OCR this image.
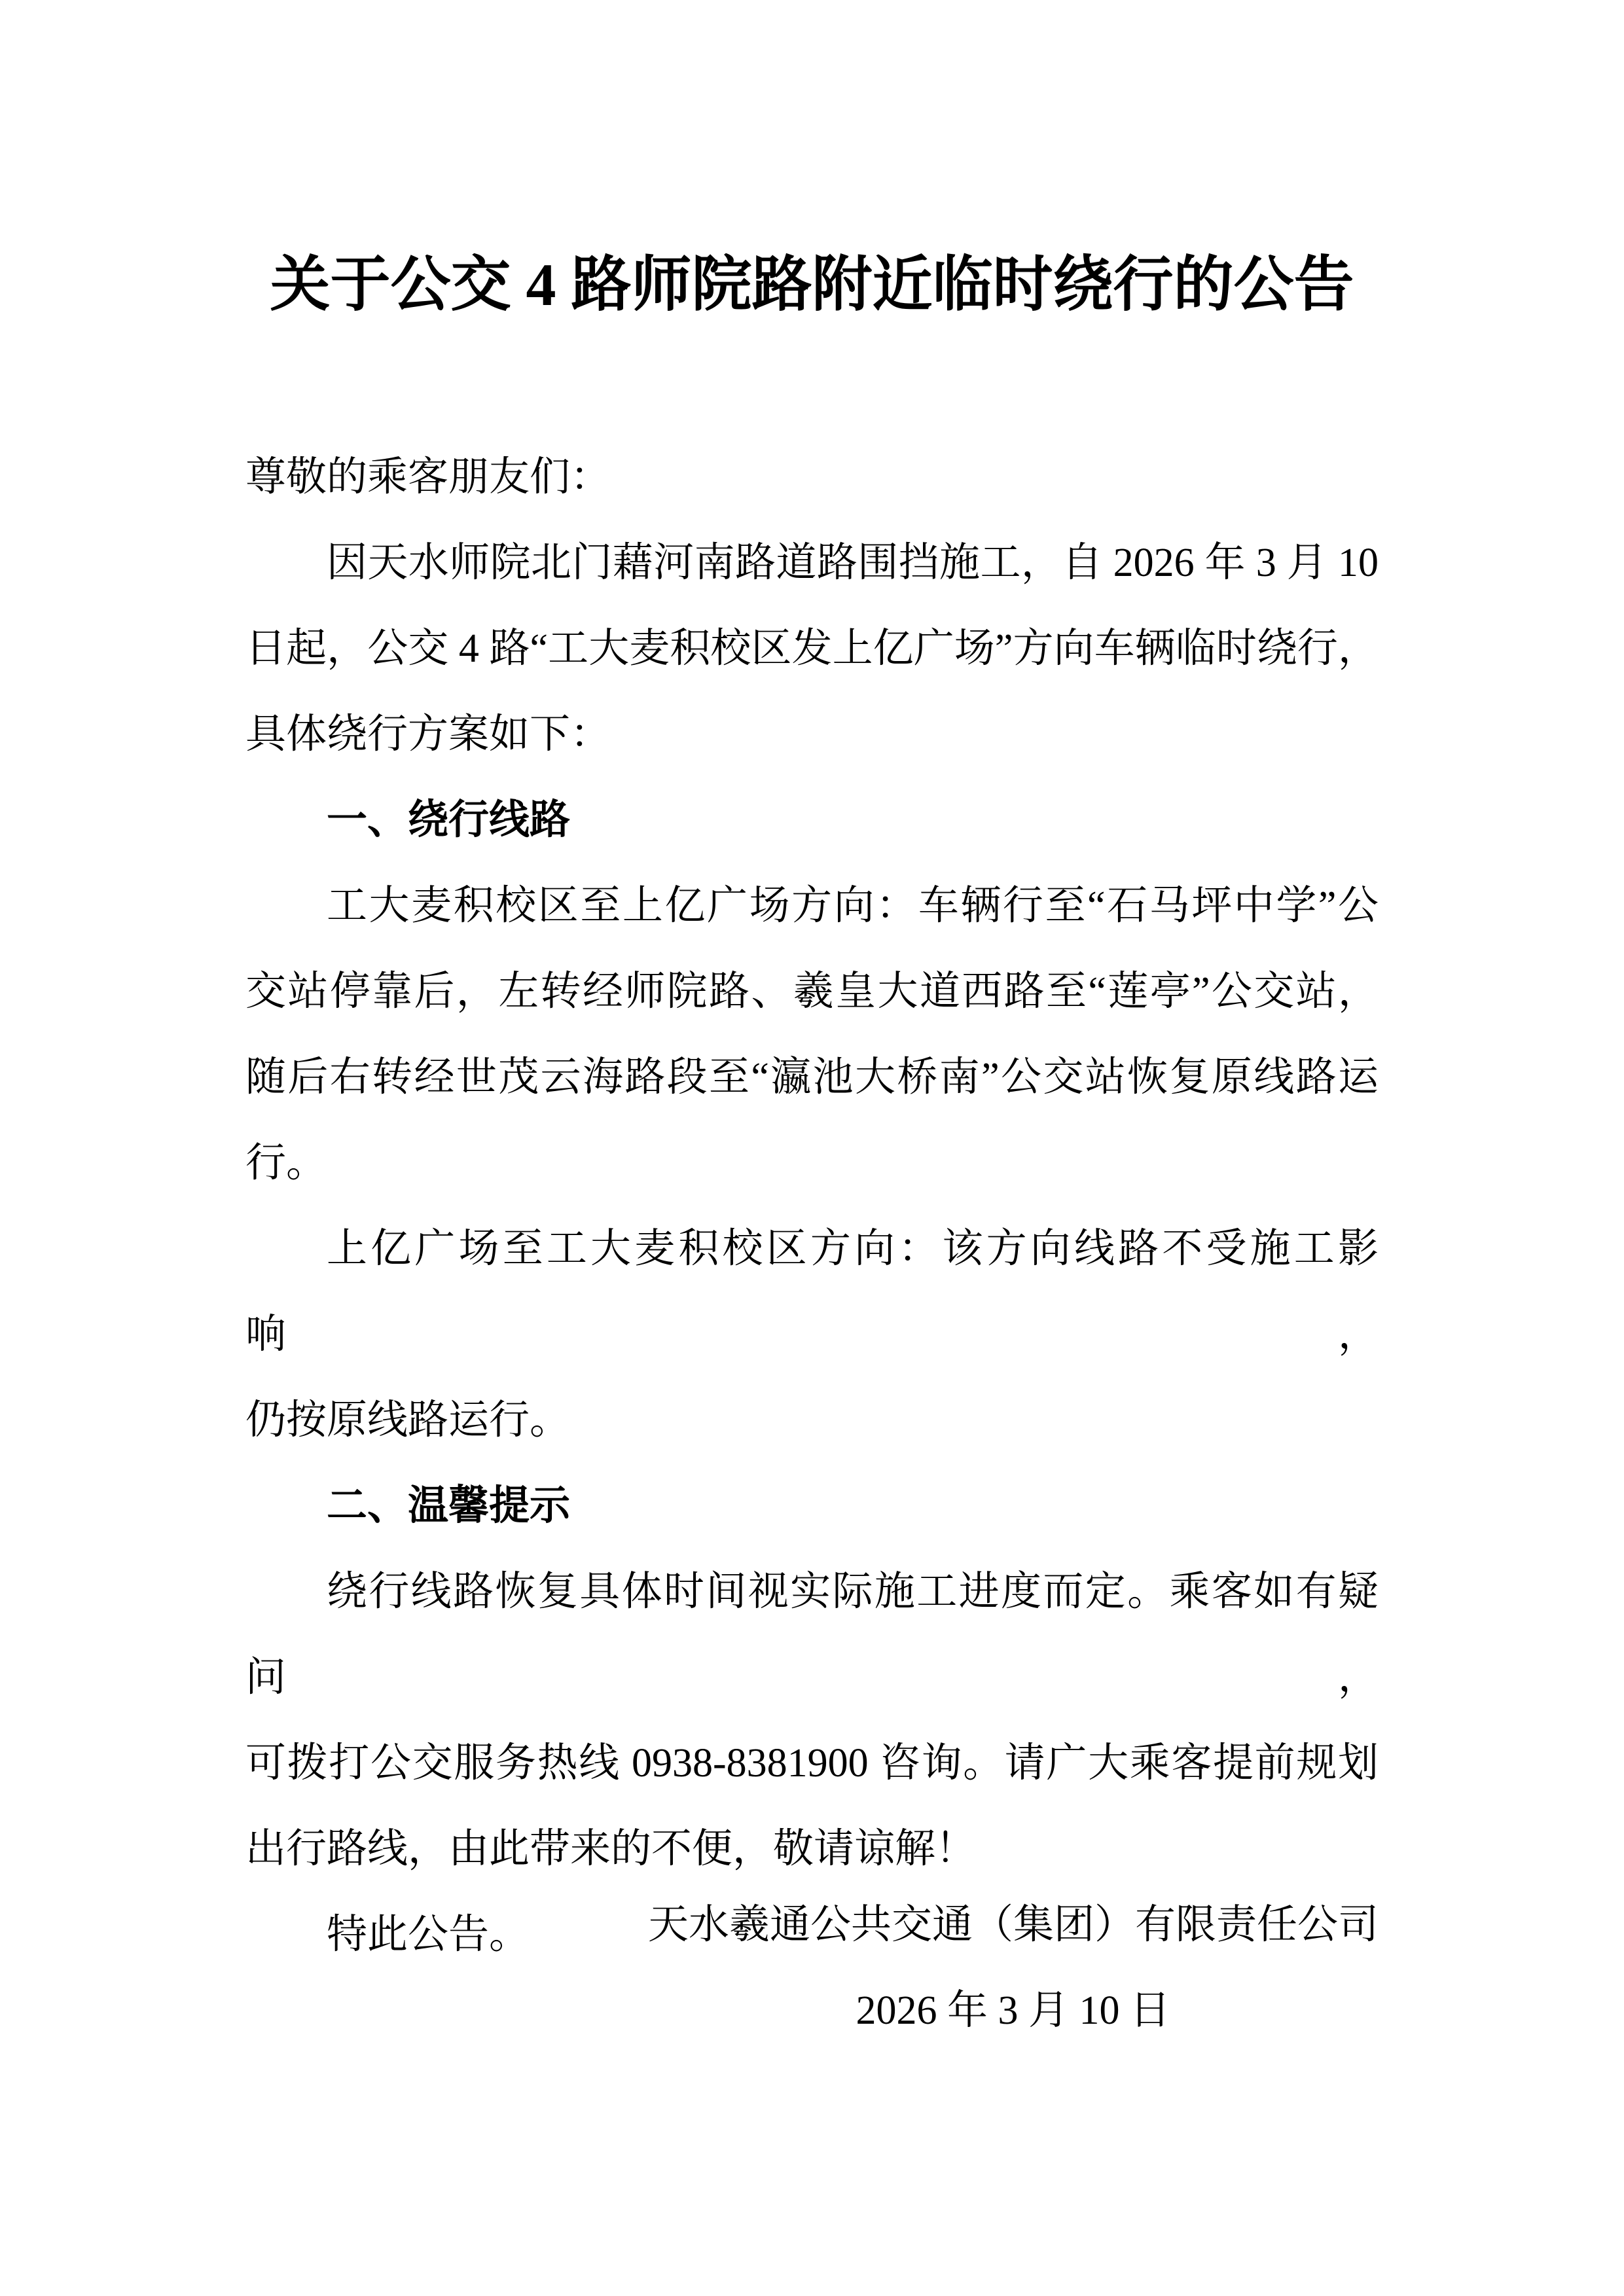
关于公交 4 路师院路附近临时绕行的公告
尊敬的乘客朋友们：
因天水师院北门藉河南路道路围挡施工，自 2026 年 3 月 10
日起，公交 4 路“工大麦积校区发上亿广场”方向车辆临时绕行，
具体绕行方案如下：
一、绕行线路
工大麦积校区至上亿广场方向：车辆行至“石马坪中学”公
交站停靠后，左转经师院路、羲皇大道西路至“莲亭”公交站，
随后右转经世茂云海路段至“瀛池大桥南”公交站恢复原线路运
行。
上亿广场至工大麦积校区方向：该方向线路不受施工影响，
仍按原线路运行。
二、温馨提示
绕行线路恢复具体时间视实际施工进度而定。乘客如有疑问，
可拨打公交服务热线 0938-8381900 咨询。请广大乘客提前规划
出行路线，由此带来的不便，敬请谅解！
特此公告。	天水羲通公共交通（集团）有限责任公司
2026 年 3 月 10 日
